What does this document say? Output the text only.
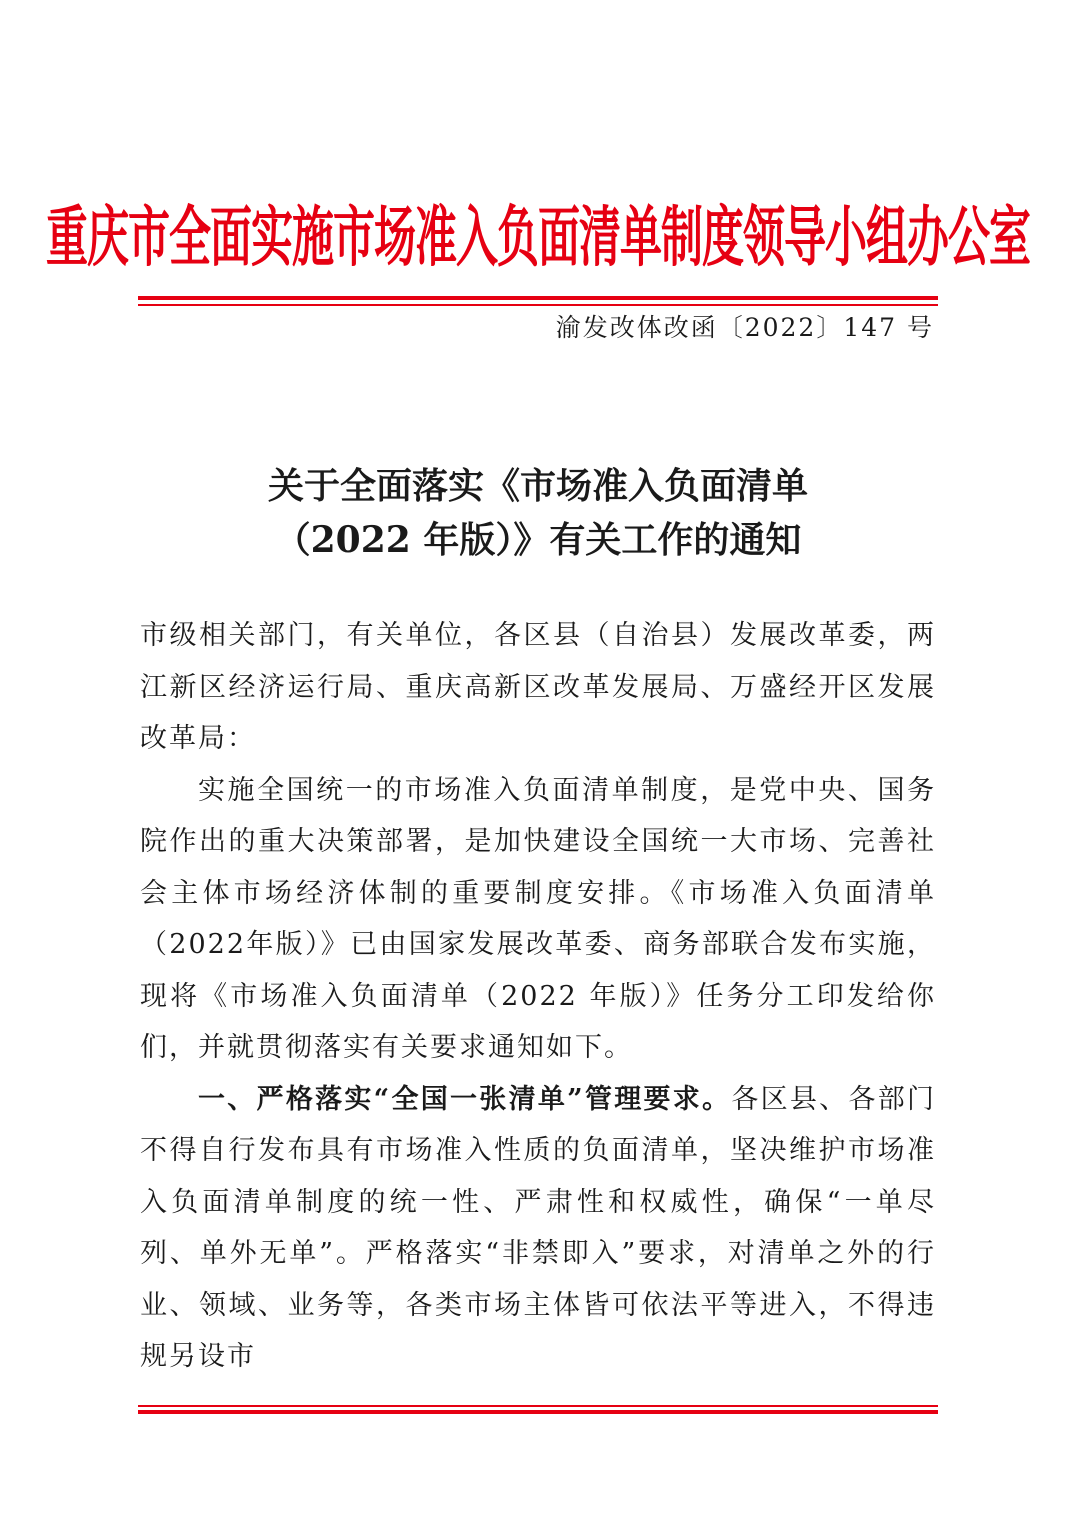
重庆市全面实施市场准入负面清单制度领导小组办公室
渝发改体改函〔2022〕147 号
关于全面落实《市场准入负面清单
（2022 年版）》有关工作的通知

市级相关部门，有关单位，各区县（自治县）发展改革委，两江新区经济运行局、重庆高新区改革发展局、万盛经开区发展改革局：

实施全国统一的市场准入负面清单制度，是党中央、国务院作出的重大决策部署，是加快建设全国统一大市场、完善社会主体市场经济体制的重要制度安排。《市场准入负面清单（2022年版）》已由国家发展改革委、商务部联合发布实施，现将《市场准入负面清单（2022 年版）》任务分工印发给你们，并就贯彻落实有关要求通知如下。

一、严格落实“全国一张清单”管理要求。各区县、各部门不得自行发布具有市场准入性质的负面清单，坚决维护市场准入负面清单制度的统一性、严肃性和权威性，确保“一单尽列、单外无单”。严格落实“非禁即入”要求，对清单之外的行业、领域、业务等，各类市场主体皆可依法平等进入，不得违规另设市
